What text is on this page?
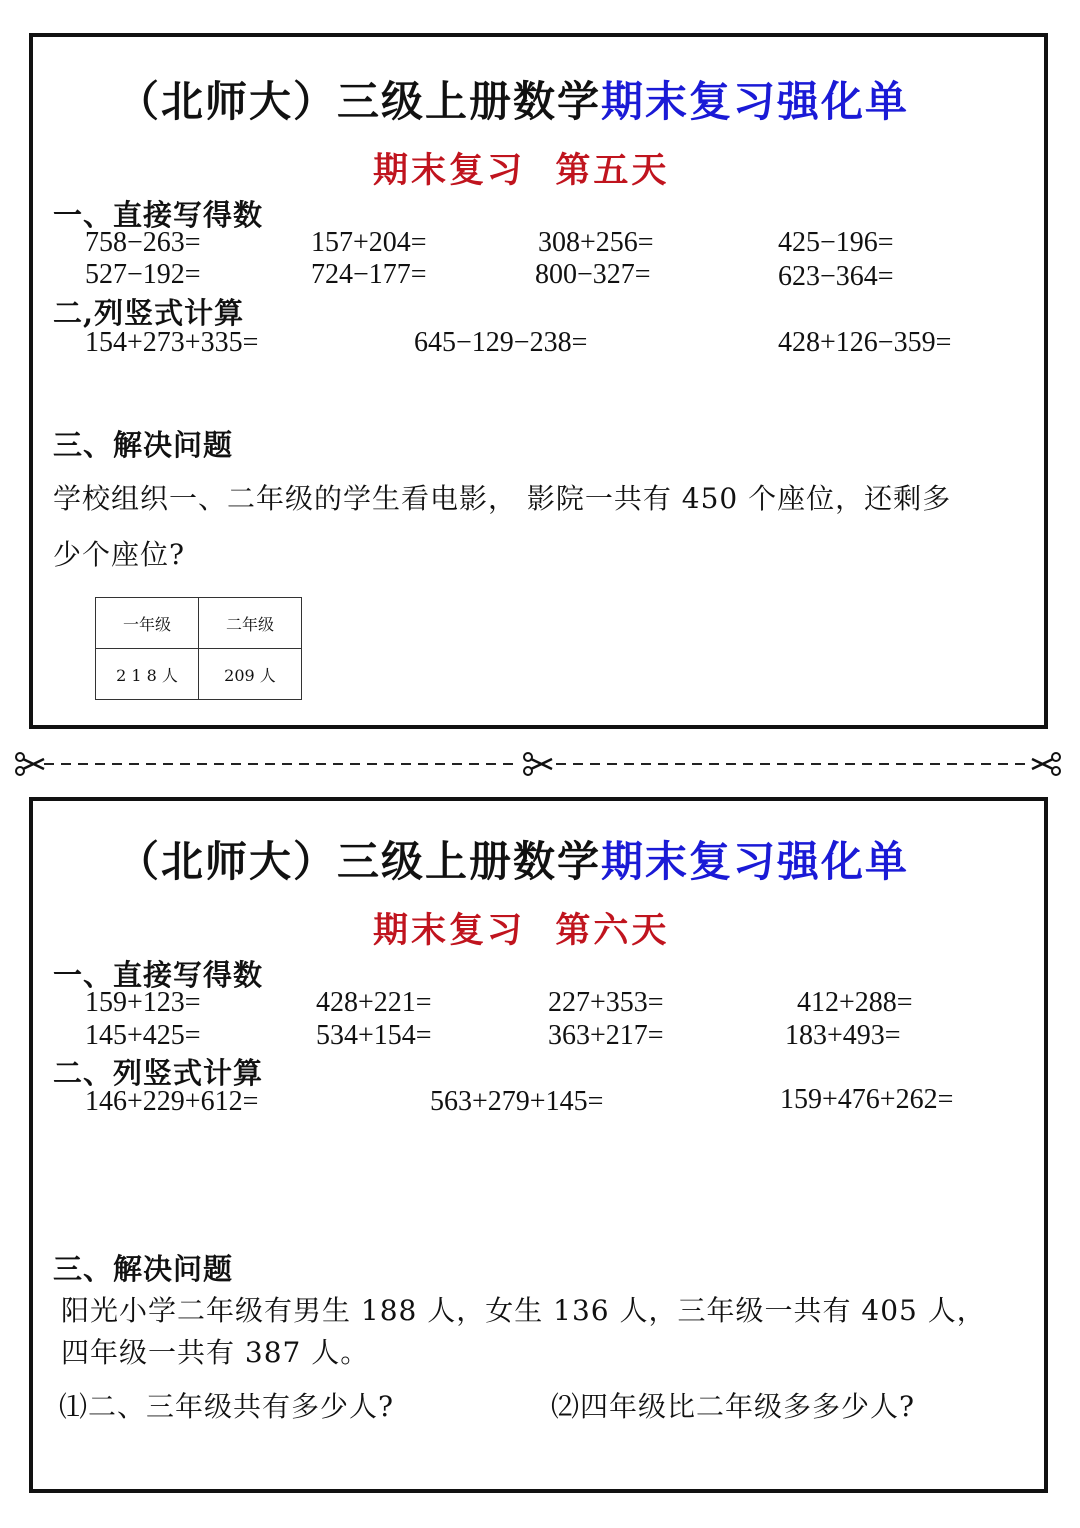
（北师大）三级上册数学期末复习强化单
期末复习  第五天
一、直接写得数
758−263=	157+204=	308+256=	425−196=
527−192=	724−177=	800−327=	623−364=
二,列竖式计算
154+273+335=	645−129−238=	428+126−359=
三、解决问题
学校组织一、二年级的学生看电影， 影院一共有 450 个座位，还剩多
少个座位?
一年级	二年级
2 1 8 人	209 人
（北师大）三级上册数学期末复习强化单
期末复习  第六天
一、直接写得数
159+123=	428+221=	227+353=	412+288=
145+425=	534+154=	363+217=	183+493=
二、列竖式计算
146+229+612=	563+279+145=	159+476+262=
三、解决问题
阳光小学二年级有男生 188 人，女生 136 人，三年级一共有 405 人，
四年级一共有 387 人。
⑴二、三年级共有多少人?	⑵四年级比二年级多多少人?
